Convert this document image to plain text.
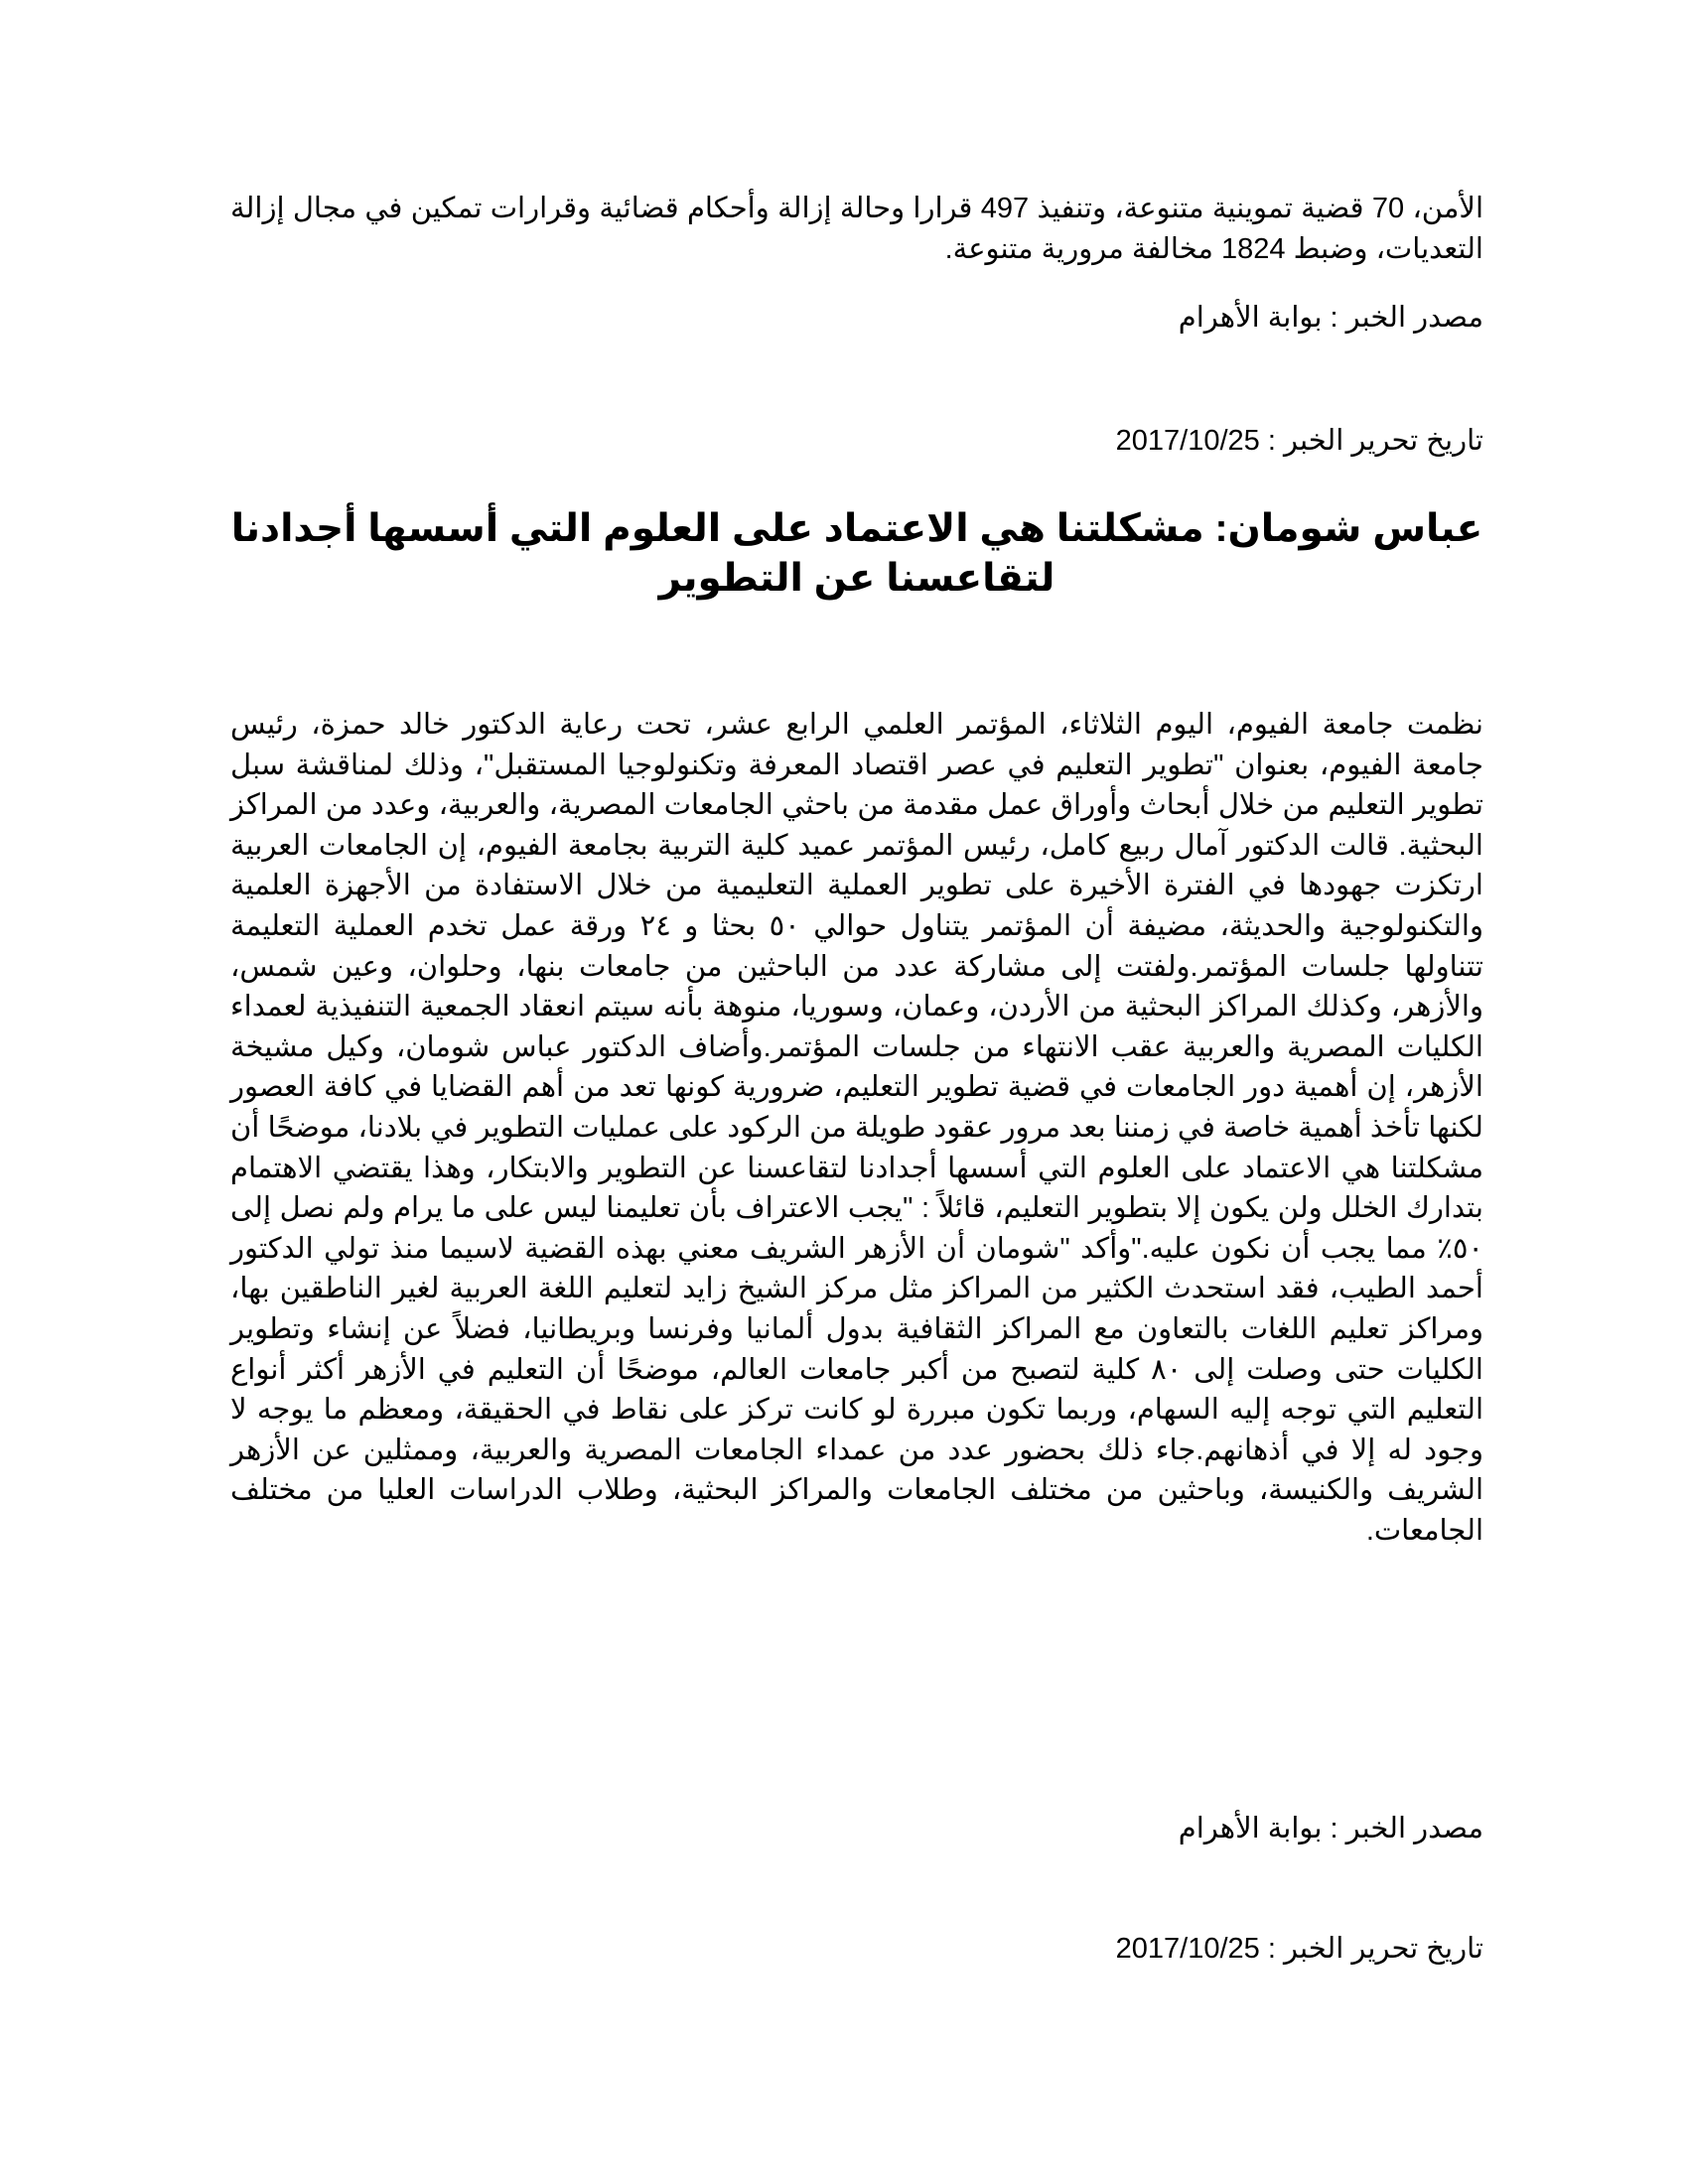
الأمن، 70 قضية تموينية متنوعة، وتنفيذ 497 قرارا وحالة إزالة وأحكام قضائية وقرارات تمكين في مجال إزالة التعديات، وضبط 1824 مخالفة مرورية متنوعة.
مصدر الخبر : بوابة الأهرام
تاريخ تحرير الخبر : 2017/10/25
عباس شومان: مشكلتنا هي الاعتماد على العلوم التي أسسها أجدادنا لتقاعسنا عن التطوير
نظمت جامعة الفيوم، اليوم الثلاثاء، المؤتمر العلمي الرابع عشر، تحت رعاية الدكتور خالد حمزة، رئيس جامعة الفيوم، بعنوان "تطوير التعليم في عصر اقتصاد المعرفة وتكنولوجيا المستقبل"، وذلك لمناقشة سبل تطوير التعليم من خلال أبحاث وأوراق عمل مقدمة من باحثي الجامعات المصرية، والعربية، وعدد من المراكز البحثية. قالت الدكتور آمال ربيع كامل، رئيس المؤتمر عميد كلية التربية بجامعة الفيوم، إن الجامعات العربية ارتكزت جهودها في الفترة الأخيرة على تطوير العملية التعليمية من خلال الاستفادة من الأجهزة العلمية والتكنولوجية والحديثة، مضيفة أن المؤتمر يتناول حوالي ٥٠ بحثا و ٢٤ ورقة عمل تخدم العملية التعليمة تتناولها جلسات المؤتمر.ولفتت إلى مشاركة عدد من الباحثين من جامعات بنها، وحلوان، وعين شمس، والأزهر، وكذلك المراكز البحثية من الأردن، وعمان، وسوريا، منوهة بأنه سيتم انعقاد الجمعية التنفيذية لعمداء الكليات المصرية والعربية عقب الانتهاء من جلسات المؤتمر.وأضاف الدكتور عباس شومان، وكيل مشيخة الأزهر، إن أهمية دور الجامعات في قضية تطوير التعليم، ضرورية كونها تعد من أهم القضايا في كافة العصور لكنها تأخذ أهمية خاصة في زمننا بعد مرور عقود طويلة من الركود على عمليات التطوير في بلادنا، موضحًا أن مشكلتنا هي الاعتماد على العلوم التي أسسها أجدادنا لتقاعسنا عن التطوير والابتكار، وهذا يقتضي الاهتمام بتدارك الخلل ولن يكون إلا بتطوير التعليم، قائلاً : "يجب الاعتراف بأن تعليمنا ليس على ما يرام ولم نصل إلى ٥٠٪ مما يجب أن نكون عليه."وأكد "شومان أن الأزهر الشريف معني بهذه القضية لاسيما منذ تولي الدكتور أحمد الطيب، فقد استحدث الكثير من المراكز مثل مركز الشيخ زايد لتعليم اللغة العربية لغير الناطقين بها، ومراكز تعليم اللغات بالتعاون مع المراكز الثقافية بدول ألمانيا وفرنسا وبريطانيا، فضلاً عن إنشاء وتطوير الكليات حتى وصلت إلى ٨٠ كلية لتصبح من أكبر جامعات العالم، موضحًا أن التعليم في الأزهر أكثر أنواع التعليم التي توجه إليه السهام، وربما تكون مبررة لو كانت تركز على نقاط في الحقيقة، ومعظم ما يوجه لا وجود له إلا في أذهانهم.جاء ذلك بحضور عدد من عمداء الجامعات المصرية والعربية، وممثلين عن الأزهر الشريف والكنيسة، وباحثين من مختلف الجامعات والمراكز البحثية، وطلاب الدراسات العليا من مختلف الجامعات.
مصدر الخبر : بوابة الأهرام
تاريخ تحرير الخبر : 2017/10/25
